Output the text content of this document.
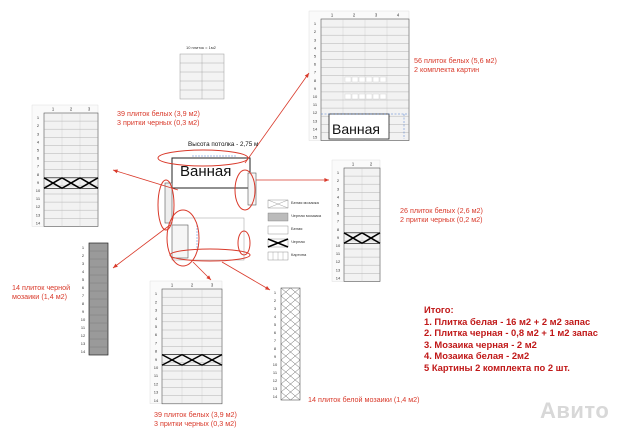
1	2	3
1
2
3
4
5
6
7
8
9
10
11
12
13
14
1	2
1
2
3
4
5
6
7
8
9
10
11
12
13
14
1	2	3
1
2
3
4
5
6
7
8
9
10
11
12
13
14
1	2	3	4
1
2
3
4
5
6
7
8
9
10
11
12
13
14
15
1
2
3
4
5
6
7
8
9
10
11
12
13
14
1
2
3
4
5
6
7
8
9
10
11
12
13
14
10 плиток = 1м2
Высота потолка - 2,75 м
Ванная
Ванная
Белая мозаика
Черная мозаика
Белая
Черная
Картина
39 плиток белых (3,9 м2)
3 притки черных (0,3 м2)
56 плиток белых (5,6 м2)
2 комплекта картин
26 плиток белых (2,6 м2)
2 притки черных (0,2 м2)
14 плиток черной
мозаики (1,4 м2)
39 плиток белых (3,9 м2)
3 притки черных (0,3 м2)
14 плиток белой мозаики (1,4 м2)
Итого:
1. Плитка белая - 16 м2 + 2 м2 запас
2. Плитка черная - 0,8 м2 + 1 м2 запас
3. Мозаика черная - 2 м2
4. Мозаика белая - 2м2
5 Картины 2 комплекта по 2 шт.
Авито
